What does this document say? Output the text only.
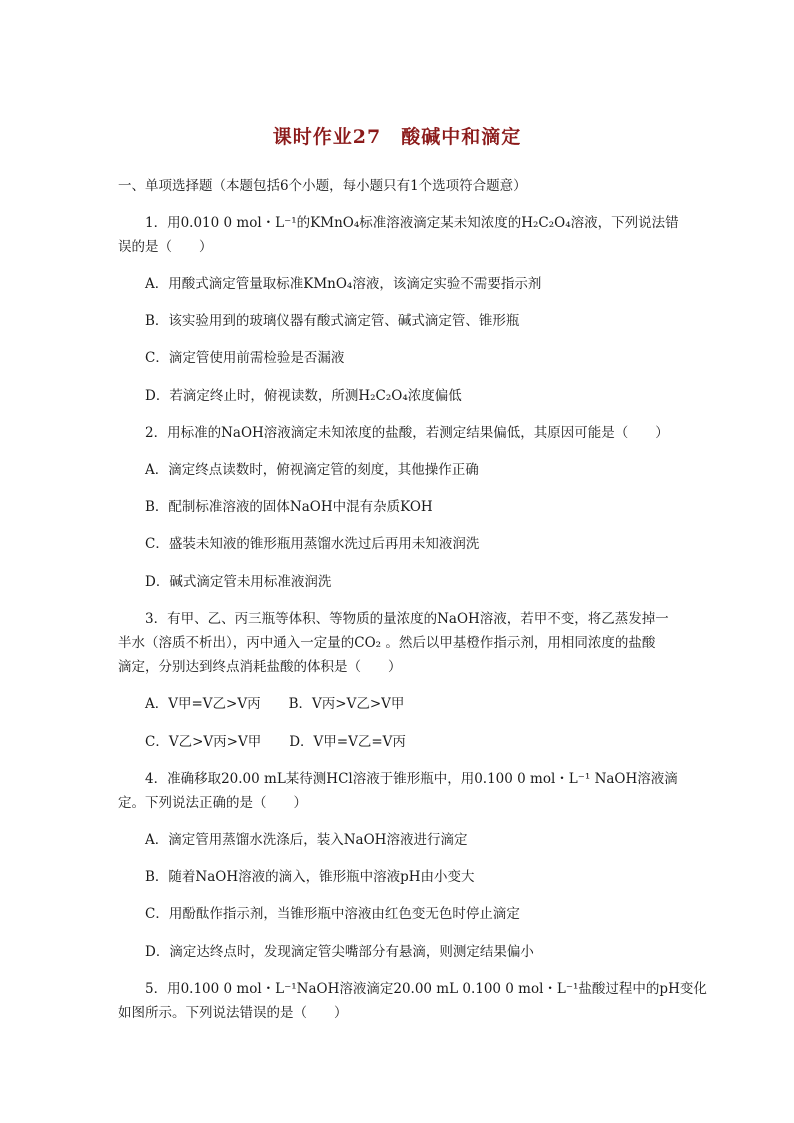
课时作业27　酸碱中和滴定
一、单项选择题（本题包括6个小题，每小题只有1个选项符合题意）
1．用0.010 0 mol・L⁻¹的KMnO₄标准溶液滴定某未知浓度的H₂C₂O₄溶液，下列说法错
误的是（　　）
A．用酸式滴定管量取标准KMnO₄溶液，该滴定实验不需要指示剂
B．该实验用到的玻璃仪器有酸式滴定管、碱式滴定管、锥形瓶
C．滴定管使用前需检验是否漏液
D．若滴定终止时，俯视读数，所测H₂C₂O₄浓度偏低
2．用标准的NaOH溶液滴定未知浓度的盐酸，若测定结果偏低，其原因可能是（　　）
A．滴定终点读数时，俯视滴定管的刻度，其他操作正确
B．配制标准溶液的固体NaOH中混有杂质KOH
C．盛装未知液的锥形瓶用蒸馏水洗过后再用未知液润洗
D．碱式滴定管未用标准液润洗
3．有甲、乙、丙三瓶等体积、等物质的量浓度的NaOH溶液，若甲不变，将乙蒸发掉一
半水（溶质不析出），丙中通入一定量的CO₂ 。然后以甲基橙作指示剂，用相同浓度的盐酸
滴定，分别达到终点消耗盐酸的体积是（　　）
A．V甲=V乙>V丙 B．V丙>V乙>V甲
C．V乙>V丙>V甲 D．V甲=V乙=V丙
4．准确移取20.00 mL某待测HCl溶液于锥形瓶中，用0.100 0 mol・L⁻¹ NaOH溶液滴
定。下列说法正确的是（　　）
A．滴定管用蒸馏水洗涤后，装入NaOH溶液进行滴定
B．随着NaOH溶液的滴入，锥形瓶中溶液pH由小变大
C．用酚酞作指示剂，当锥形瓶中溶液由红色变无色时停止滴定
D．滴定达终点时，发现滴定管尖嘴部分有悬滴，则测定结果偏小
5．用0.100 0 mol・L⁻¹NaOH溶液滴定20.00 mL 0.100 0 mol・L⁻¹盐酸过程中的pH变化
如图所示。下列说法错误的是（　　）
